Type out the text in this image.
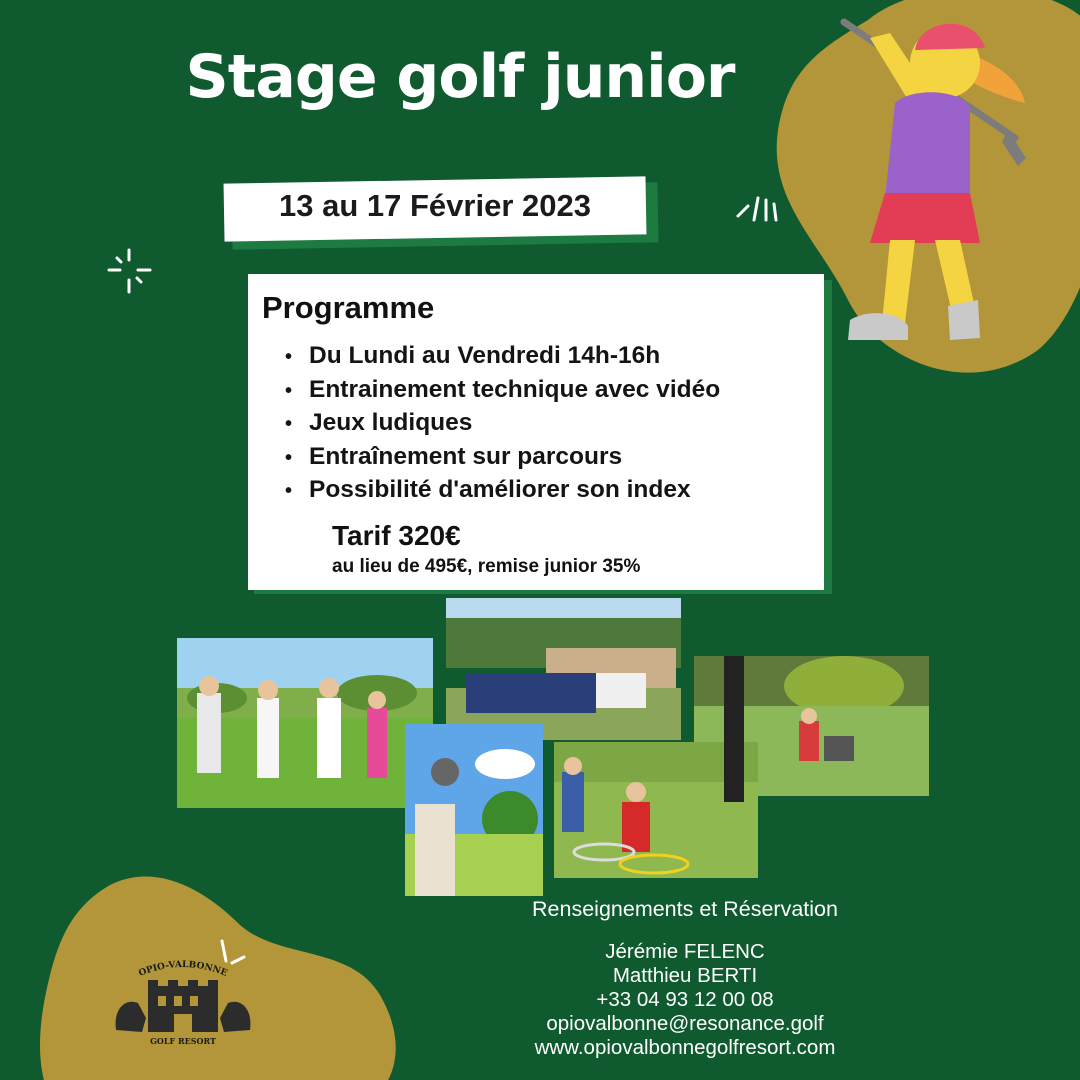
Stage golf junior
13 au 17 Février 2023
Programme
• Du Lundi au Vendredi 14h-16h
• Entrainement technique avec vidéo
• Jeux ludiques
• Entraînement sur parcours
• Possibilité d'améliorer son index
Tarif 320€
au lieu de 495€, remise junior 35%
Renseignements et Réservation
Jérémie FELENC
Matthieu BERTI
+33 04 93 12 00 08
opiovalbonne@resonance.golf
www.opiovalbonnegolfresort.com
OPIO-VALBONNE
GOLF RESORT
